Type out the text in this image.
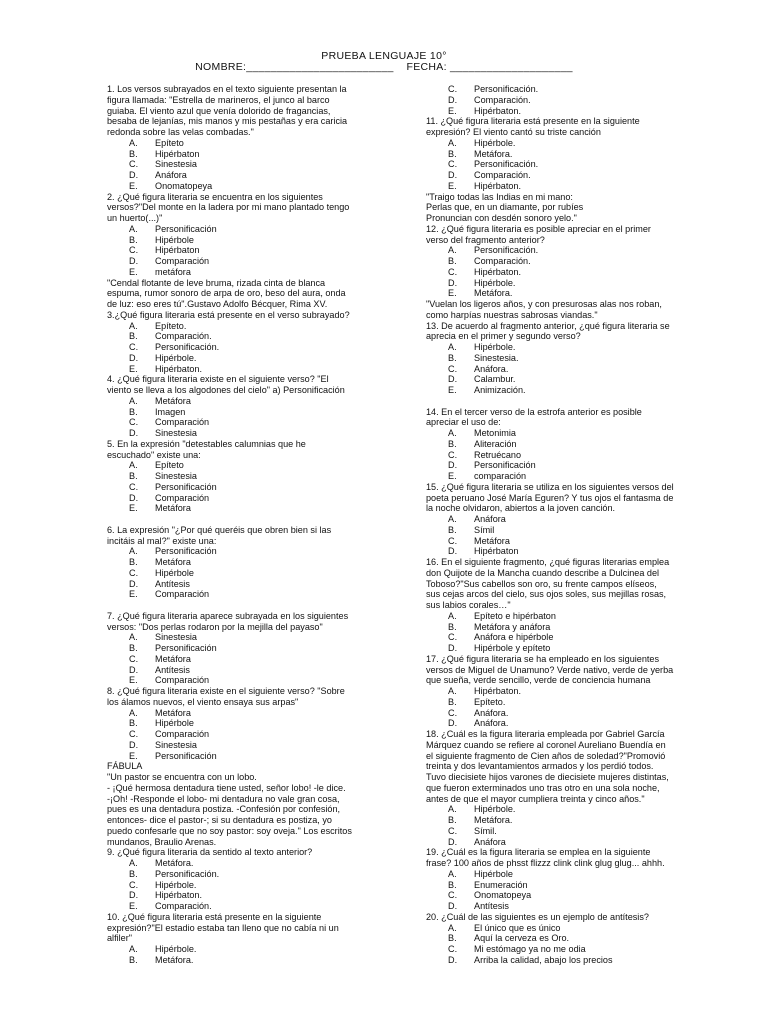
PRUEBA LENGUAJE 10°
NOMBRE:________________________    FECHA: ____________________
1. Los versos subrayados en el texto siguiente presentan la
figura llamada: "Estrella de marineros, el junco al barco
guiaba. El viento azul que venía dolorido de fragancias,
besaba de lejanías, mis manos y mis pestañas y era caricia
redonda sobre las velas combadas."
A. Epíteto
B. Hipérbaton
C. Sinestesia
D. Anáfora
E. Onomatopeya
2. ¿Qué figura literaria se encuentra en los siguientes
versos?"Del monte en la ladera por mi mano plantado tengo
un huerto(...)"
A. Personificación
B. Hipérbole
C. Hipérbaton
D. Comparación
E. metáfora
"Cendal flotante de leve bruma, rizada cinta de blanca
espuma, rumor sonoro de arpa de oro, beso del aura, onda
de luz: eso eres tú".Gustavo Adolfo Bécquer, Rima XV.
3.¿Qué figura literaria está presente en el verso subrayado?
A. Epíteto.
B. Comparación.
C. Personificación.
D. Hipérbole.
E. Hipérbaton.
4. ¿Qué figura literaria existe en el siguiente verso? "El
viento se lleva a los algodones del cielo" a) Personificación
A. Metáfora
B. Imagen
C. Comparación
D. Sinestesia
5. En la expresión "detestables calumnias que he
escuchado" existe una:
A. Epíteto
B. Sinestesia
C. Personificación
D. Comparación
E. Metáfora
6. La expresión "¿Por qué queréis que obren bien si las
incitáis al mal?" existe una:
A. Personificación
B. Metáfora
C. Hipérbole
D. Antítesis
E. Comparación
7. ¿Qué figura literaria aparece subrayada en los siguientes
versos: "Dos perlas rodaron por la mejilla del payaso"
A. Sinestesia
B. Personificación
C. Metáfora
D. Antítesis
E. Comparación
8. ¿Qué figura literaria existe en el siguiente verso? "Sobre
los álamos nuevos, el viento ensaya sus arpas"
A. Metáfora
B. Hipérbole
C. Comparación
D. Sinestesia
E. Personificación
FÁBULA
"Un pastor se encuentra con un lobo.
- ¡Qué hermosa dentadura tiene usted, señor lobo! -le dice.
-¡Oh! -Responde el lobo- mi dentadura no vale gran cosa,
pues es una dentadura postiza. -Confesión por confesión,
entonces- dice el pastor-; si su dentadura es postiza, yo
puedo confesarle que no soy pastor: soy oveja." Los escritos
mundanos, Braulio Arenas.
9. ¿Qué figura literaria da sentido al texto anterior?
A. Metáfora.
B. Personificación.
C. Hipérbole.
D. Hipérbaton.
E. Comparación.
10. ¿Qué figura literaria está presente en la siguiente
expresión?"El estadio estaba tan lleno que no cabía ni un
alfiler"
A. Hipérbole.
B. Metáfora.
C. Personificación.
D. Comparación.
E. Hipérbaton.
11. ¿Qué figura literaria está presente en la siguiente
expresión? El viento cantó su triste canción
A. Hipérbole.
B. Metáfora.
C. Personificación.
D. Comparación.
E. Hipérbaton.
"Traigo todas las Indias en mi mano:
Perlas que, en un diamante, por rubíes
Pronuncian con desdén sonoro yelo."
12. ¿Qué figura literaria es posible apreciar en el primer
verso del fragmento anterior?
A. Personificación.
B. Comparación.
C. Hipérbaton.
D. Hipérbole.
E. Metáfora.
"Vuelan los ligeros años, y con presurosas alas nos roban,
como harpías nuestras sabrosas viandas."
13. De acuerdo al fragmento anterior, ¿qué figura literaria se
aprecia en el primer y segundo verso?
A. Hipérbole.
B. Sinestesia.
C. Anáfora.
D. Calambur.
E. Animización.
14. En el tercer verso de la estrofa anterior es posible
apreciar el uso de:
A. Metonimia
B. Aliteración
C. Retruécano
D. Personificación
E. comparación
15. ¿Qué figura literaria se utiliza en los siguientes versos del
poeta peruano José María Eguren? Y tus ojos el fantasma de
la noche olvidaron, abiertos a la joven canción.
A. Anáfora
B. Símil
C. Metáfora
D. Hipérbaton
16. En el siguiente fragmento, ¿qué figuras literarias emplea
don Quijote de la Mancha cuando describe a Dulcinea del
Toboso?"Sus cabellos son oro, su frente campos elíseos,
sus cejas arcos del cielo, sus ojos soles, sus mejillas rosas,
sus labios corales…"
A. Epíteto e hipérbaton
B. Metáfora y anáfora
C. Anáfora e hipérbole
D. Hipérbole y epíteto
17. ¿Qué figura literaria se ha empleado en los siguientes
versos de Miguel de Unamuno? Verde nativo, verde de yerba
que sueña, verde sencillo, verde de conciencia humana
A. Hipérbaton.
B. Epíteto.
C. Anáfora.
D. Anáfora.
18. ¿Cuál es la figura literaria empleada por Gabriel García
Márquez cuando se refiere al coronel Aureliano Buendía en
el siguiente fragmento de Cien años de soledad?"Promovió
treinta y dos levantamientos armados y los perdió todos.
Tuvo diecisiete hijos varones de diecisiete mujeres distintas,
que fueron exterminados uno tras otro en una sola noche,
antes de que el mayor cumpliera treinta y cinco años."
A. Hipérbole.
B. Metáfora.
C. Símil.
D. Anáfora
19. ¿Cuál es la figura literaria se emplea en la siguiente
frase? 100 años de phsst flizzz clink clink glug glug... ahhh.
A. Hipérbole
B. Enumeración
C. Onomatopeya
D. Antítesis
20. ¿Cuál de las siguientes es un ejemplo de antítesis?
A. El único que es único
B. Aquí la cerveza es Oro.
C. Mi estómago ya no me odia
D. Arriba la calidad, abajo los precios
